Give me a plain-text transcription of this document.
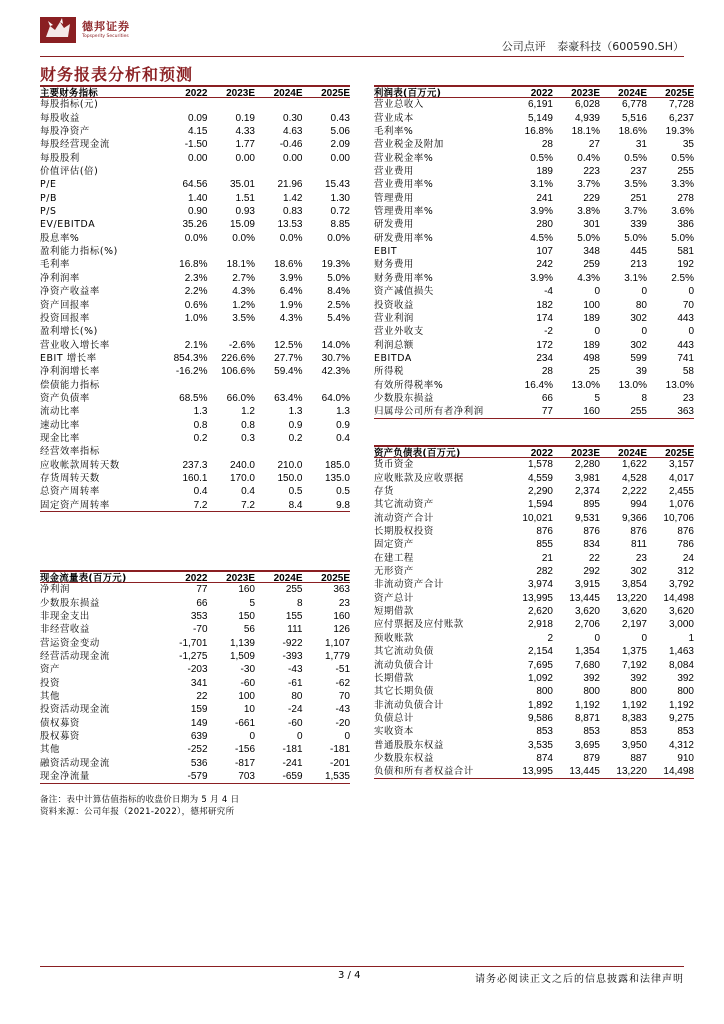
德邦证券
Topsperity Securities
公司点评 泰豪科技（600590.SH）
财务报表分析和预测
主要财务指标	2022	2023E	2024E	2025E
每股指标(元)
每股收益	0.09	0.19	0.30	0.43
每股净资产	4.15	4.33	4.63	5.06
每股经营现金流	-1.50	1.77	-0.46	2.09
每股股利	0.00	0.00	0.00	0.00
价值评估(倍)
P/E	64.56	35.01	21.96	15.43
P/B	1.40	1.51	1.42	1.30
P/S	0.90	0.93	0.83	0.72
EV/EBITDA	35.26	15.09	13.53	8.85
股息率%	0.0%	0.0%	0.0%	0.0%
盈利能力指标(%)
毛利率	16.8%	18.1%	18.6%	19.3%
净利润率	2.3%	2.7%	3.9%	5.0%
净资产收益率	2.2%	4.3%	6.4%	8.4%
资产回报率	0.6%	1.2%	1.9%	2.5%
投资回报率	1.0%	3.5%	4.3%	5.4%
盈利增长(%)
营业收入增长率	2.1%	-2.6%	12.5%	14.0%
EBIT 增长率	854.3%	226.6%	27.7%	30.7%
净利润增长率	-16.2%	106.6%	59.4%	42.3%
偿债能力指标
资产负债率	68.5%	66.0%	63.4%	64.0%
流动比率	1.3	1.2	1.3	1.3
速动比率	0.8	0.8	0.9	0.9
现金比率	0.2	0.3	0.2	0.4
经营效率指标
应收帐款周转天数	237.3	240.0	210.0	185.0
存货周转天数	160.1	170.0	150.0	135.0
总资产周转率	0.4	0.4	0.5	0.5
固定资产周转率	7.2	7.2	8.4	9.8
利润表(百万元)	2022	2023E	2024E	2025E
营业总收入	6,191	6,028	6,778	7,728
营业成本	5,149	4,939	5,516	6,237
毛利率%	16.8%	18.1%	18.6%	19.3%
营业税金及附加	28	27	31	35
营业税金率%	0.5%	0.4%	0.5%	0.5%
营业费用	189	223	237	255
营业费用率%	3.1%	3.7%	3.5%	3.3%
管理费用	241	229	251	278
管理费用率%	3.9%	3.8%	3.7%	3.6%
研发费用	280	301	339	386
研发费用率%	4.5%	5.0%	5.0%	5.0%
EBIT	107	348	445	581
财务费用	242	259	213	192
财务费用率%	3.9%	4.3%	3.1%	2.5%
资产减值损失	-4	0	0	0
投资收益	182	100	80	70
营业利润	174	189	302	443
营业外收支	-2	0	0	0
利润总额	172	189	302	443
EBITDA	234	498	599	741
所得税	28	25	39	58
有效所得税率%	16.4%	13.0%	13.0%	13.0%
少数股东损益	66	5	8	23
归属母公司所有者净利润	77	160	255	363
资产负债表(百万元)	2022	2023E	2024E	2025E
货币资金	1,578	2,280	1,622	3,157
应收账款及应收票据	4,559	3,981	4,528	4,017
存货	2,290	2,374	2,222	2,455
其它流动资产	1,594	895	994	1,076
流动资产合计	10,021	9,531	9,366	10,706
长期股权投资	876	876	876	876
固定资产	855	834	811	786
在建工程	21	22	23	24
无形资产	282	292	302	312
非流动资产合计	3,974	3,915	3,854	3,792
资产总计	13,995	13,445	13,220	14,498
短期借款	2,620	3,620	3,620	3,620
应付票据及应付账款	2,918	2,706	2,197	3,000
预收账款	2	0	0	1
其它流动负债	2,154	1,354	1,375	1,463
流动负债合计	7,695	7,680	7,192	8,084
长期借款	1,092	392	392	392
其它长期负债	800	800	800	800
非流动负债合计	1,892	1,192	1,192	1,192
负债总计	9,586	8,871	8,383	9,275
实收资本	853	853	853	853
普通股股东权益	3,535	3,695	3,950	4,312
少数股东权益	874	879	887	910
负债和所有者权益合计	13,995	13,445	13,220	14,498
现金流量表(百万元)	2022	2023E	2024E	2025E
净利润	77	160	255	363
少数股东损益	66	5	8	23
非现金支出	353	150	155	160
非经营收益	-70	56	111	126
营运资金变动	-1,701	1,139	-922	1,107
经营活动现金流	-1,275	1,509	-393	1,779
资产	-203	-30	-43	-51
投资	341	-60	-61	-62
其他	22	100	80	70
投资活动现金流	159	10	-24	-43
债权募资	149	-661	-60	-20
股权募资	639	0	0	0
其他	-252	-156	-181	-181
融资活动现金流	536	-817	-241	-201
现金净流量	-579	703	-659	1,535
备注：表中计算估值指标的收盘价日期为 5 月 4 日
资料来源：公司年报（2021-2022），德邦研究所
3 / 4	请务必阅读正文之后的信息披露和法律声明
